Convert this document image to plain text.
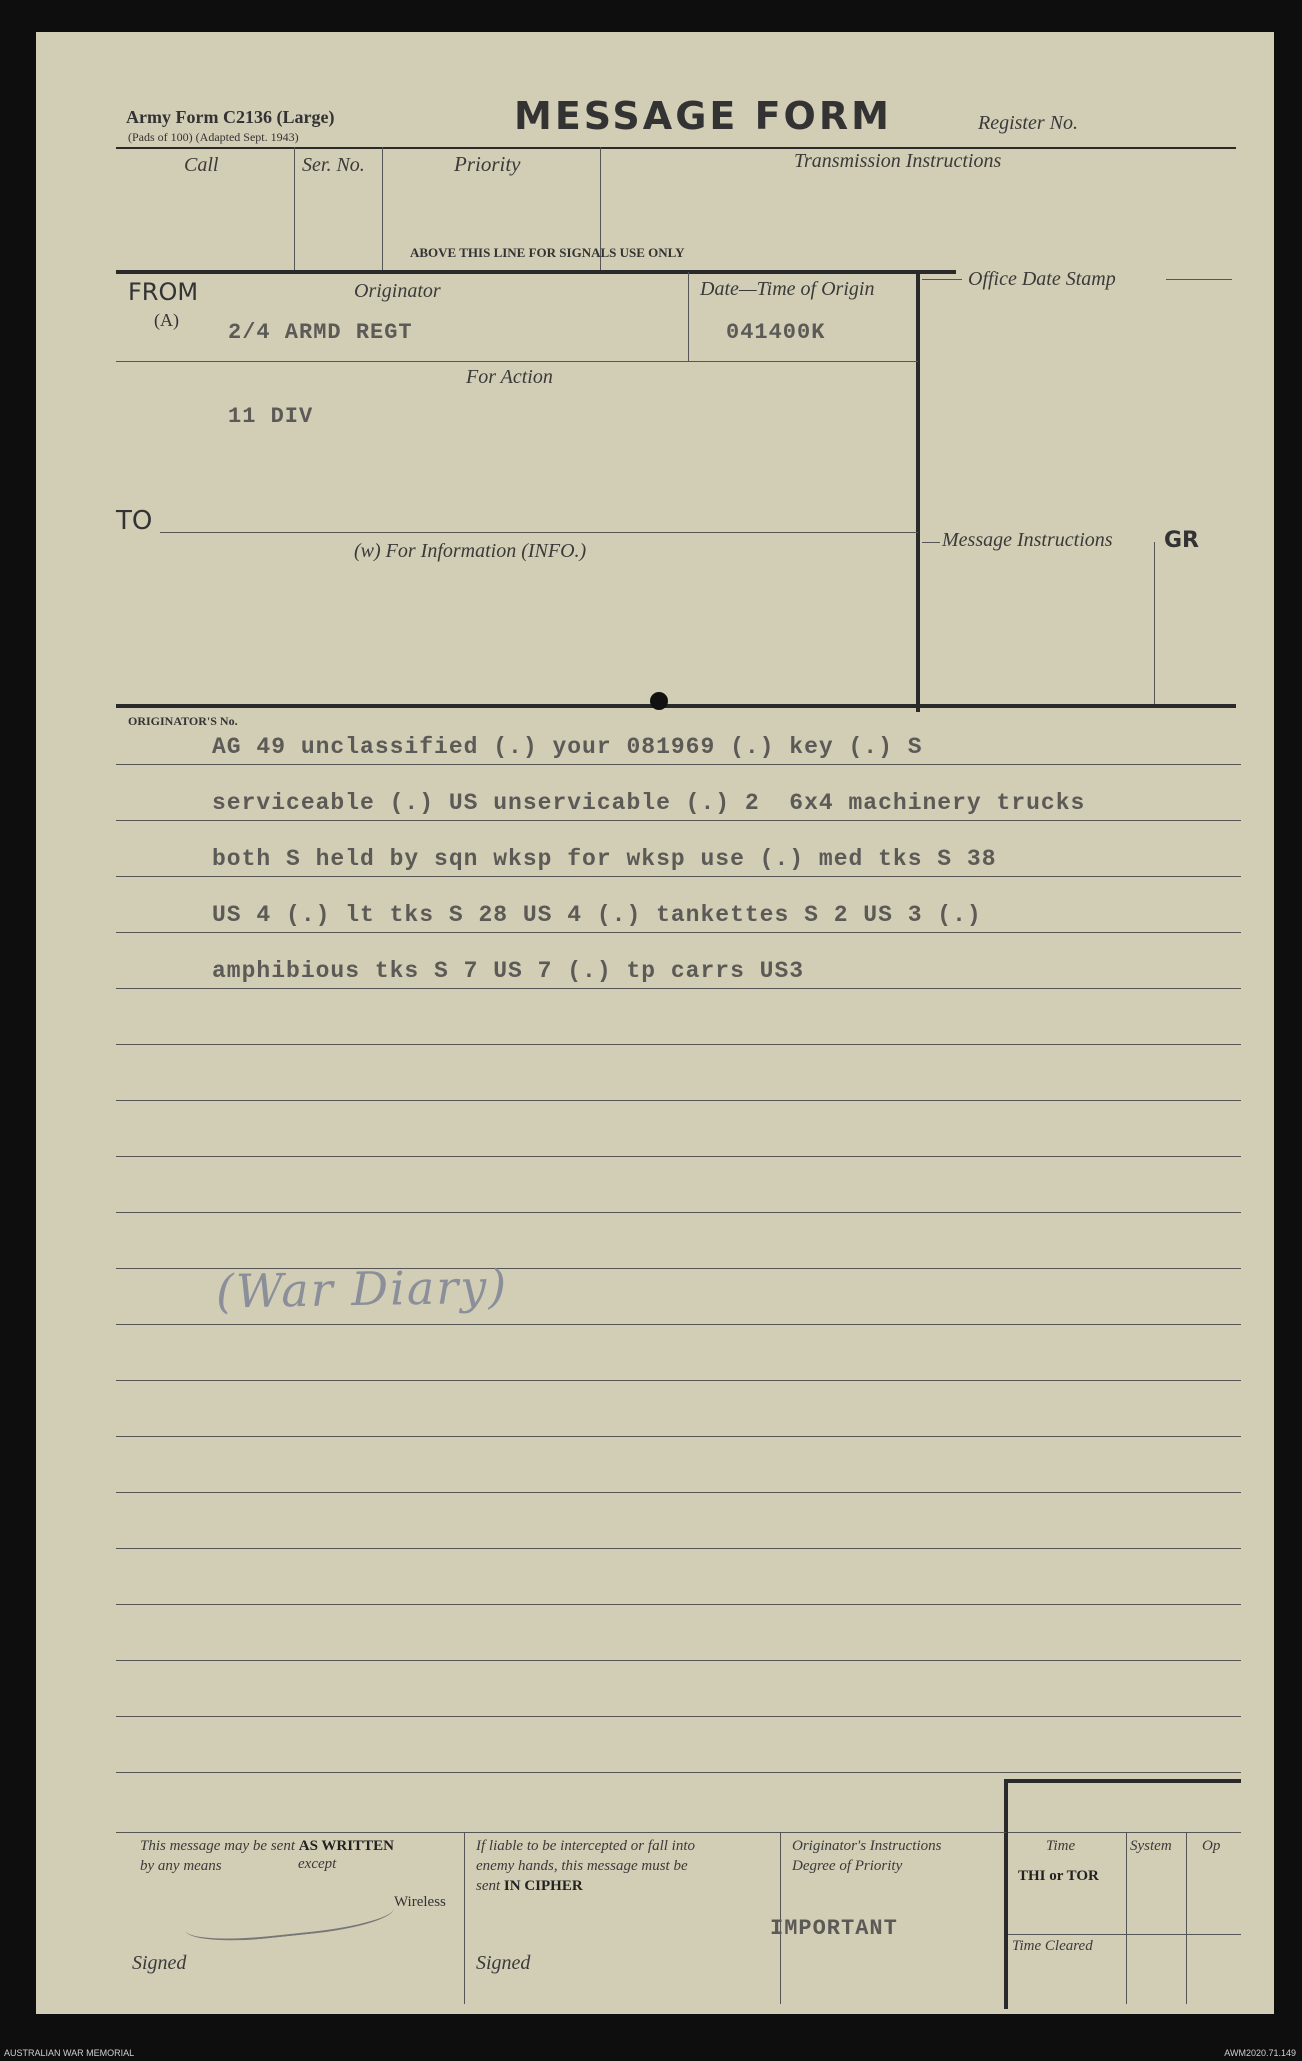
Army Form C2136 (Large)
(Pads of 100) (Adapted Sept. 1943)	MESSAGE FORM	Register No.
Call	Ser. No.	Priority	Transmission Instructions
ABOVE THIS LINE FOR SIGNALS USE ONLY
FROM
(A)
Originator
2/4 ARMD REGT
Date—Time of Origin
041400K
Office Date Stamp
For Action
11 DIV
TO
(w) For Information (INFO.)	Message Instructions GR
ORIGINATOR'S No.
AG 49 unclassified (.) your 081969 (.) key (.) S
serviceable (.) US unservicable (.) 2  6x4 machinery trucks
both S held by sqn wksp for wksp use (.) med tks S 38
US 4 (.) lt tks S 28 US 4 (.) tankettes S 2 US 3 (.)
amphibious tks S 7 US 7 (.) tp carrs US3
(War Diary)
This message may be sent AS WRITTEN
by any means	except
Wireless
Signed
If liable to be intercepted or fall into
enemy hands, this message must be
sent IN CIPHER
Signed
Originator's Instructions
Degree of Priority
IMPORTANT
Time
THI or TOR
System Op
Time Cleared
AUSTRALIAN WAR MEMORIAL	AWM2020.71.149
